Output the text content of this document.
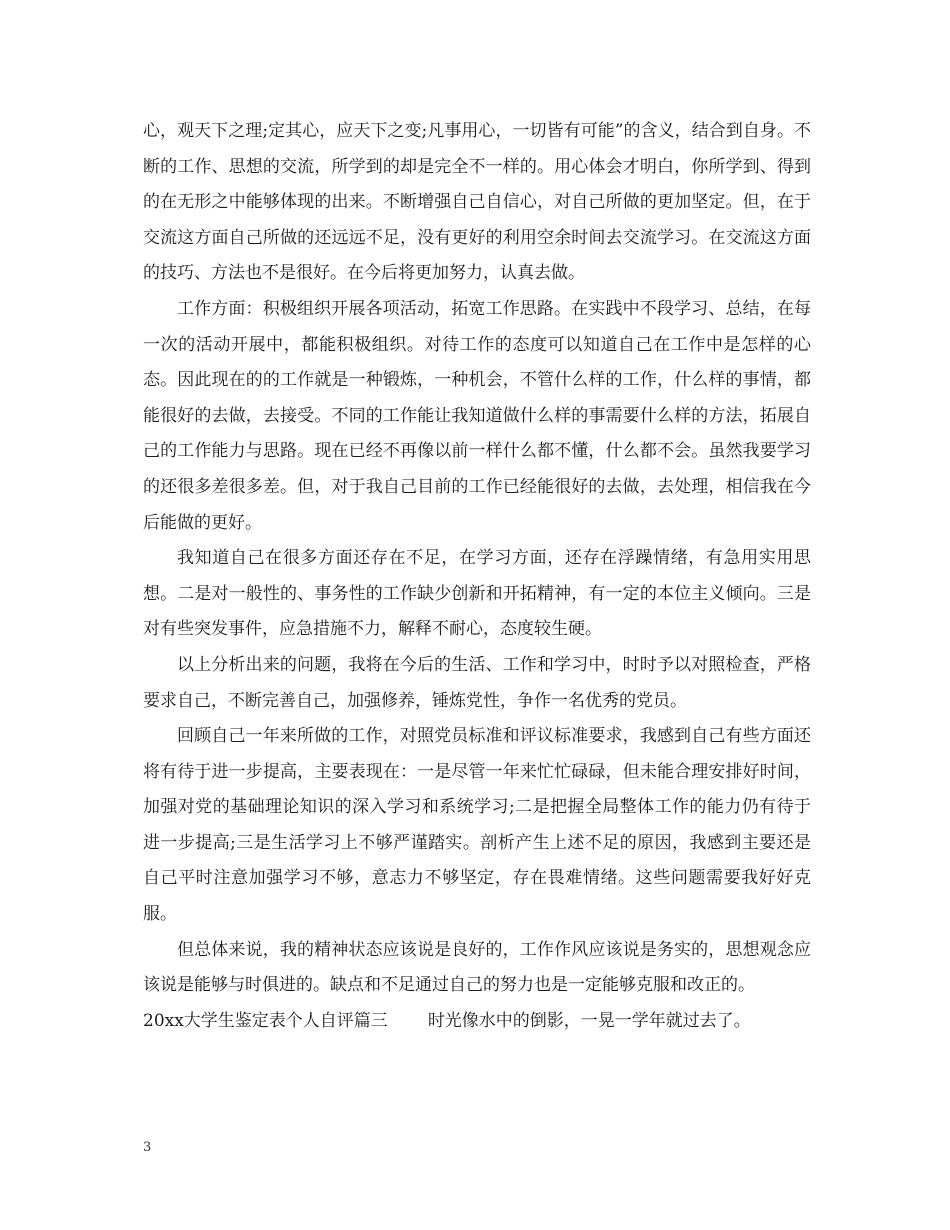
心，观天下之理;定其心，应天下之变;凡事用心，一切皆有可能”的含义，结合到自身。不断的工作、思想的交流，所学到的却是完全不一样的。用心体会才明白，你所学到、得到的在无形之中能够体现的出来。不断增强自己自信心，对自己所做的更加坚定。但，在于交流这方面自己所做的还远远不足，没有更好的利用空余时间去交流学习。在交流这方面的技巧、方法也不是很好。在今后将更加努力，认真去做。

工作方面：积极组织开展各项活动，拓宽工作思路。在实践中不段学习、总结，在每一次的活动开展中，都能积极组织。对待工作的态度可以知道自己在工作中是怎样的心态。因此现在的的工作就是一种锻炼，一种机会，不管什么样的工作，什么样的事情，都能很好的去做，去接受。不同的工作能让我知道做什么样的事需要什么样的方法，拓展自己的工作能力与思路。现在已经不再像以前一样什么都不懂，什么都不会。虽然我要学习的还很多差很多差。但，对于我自己目前的工作已经能很好的去做，去处理，相信我在今后能做的更好。

我知道自己在很多方面还存在不足，在学习方面，还存在浮躁情绪，有急用实用思想。二是对一般性的、事务性的工作缺少创新和开拓精神，有一定的本位主义倾向。三是对有些突发事件，应急措施不力，解释不耐心，态度较生硬。

以上分析出来的问题，我将在今后的生活、工作和学习中，时时予以对照检查，严格要求自己，不断完善自己，加强修养，锤炼党性，争作一名优秀的党员。

回顾自己一年来所做的工作，对照党员标准和评议标准要求，我感到自己有些方面还将有待于进一步提高，主要表现在：一是尽管一年来忙忙碌碌，但未能合理安排好时间，加强对党的基础理论知识的深入学习和系统学习;二是把握全局整体工作的能力仍有待于进一步提高;三是生活学习上不够严谨踏实。剖析产生上述不足的原因，我感到主要还是自己平时注意加强学习不够，意志力不够坚定，存在畏难情绪。这些问题需要我好好克服。

但总体来说，我的精神状态应该说是良好的，工作作风应该说是务实的，思想观念应该说是能够与时俱进的。缺点和不足通过自己的努力也是一定能够克服和改正的。

20xx大学生鉴定表个人自评篇三 时光像水中的倒影，一晃一学年就过去了。

3
